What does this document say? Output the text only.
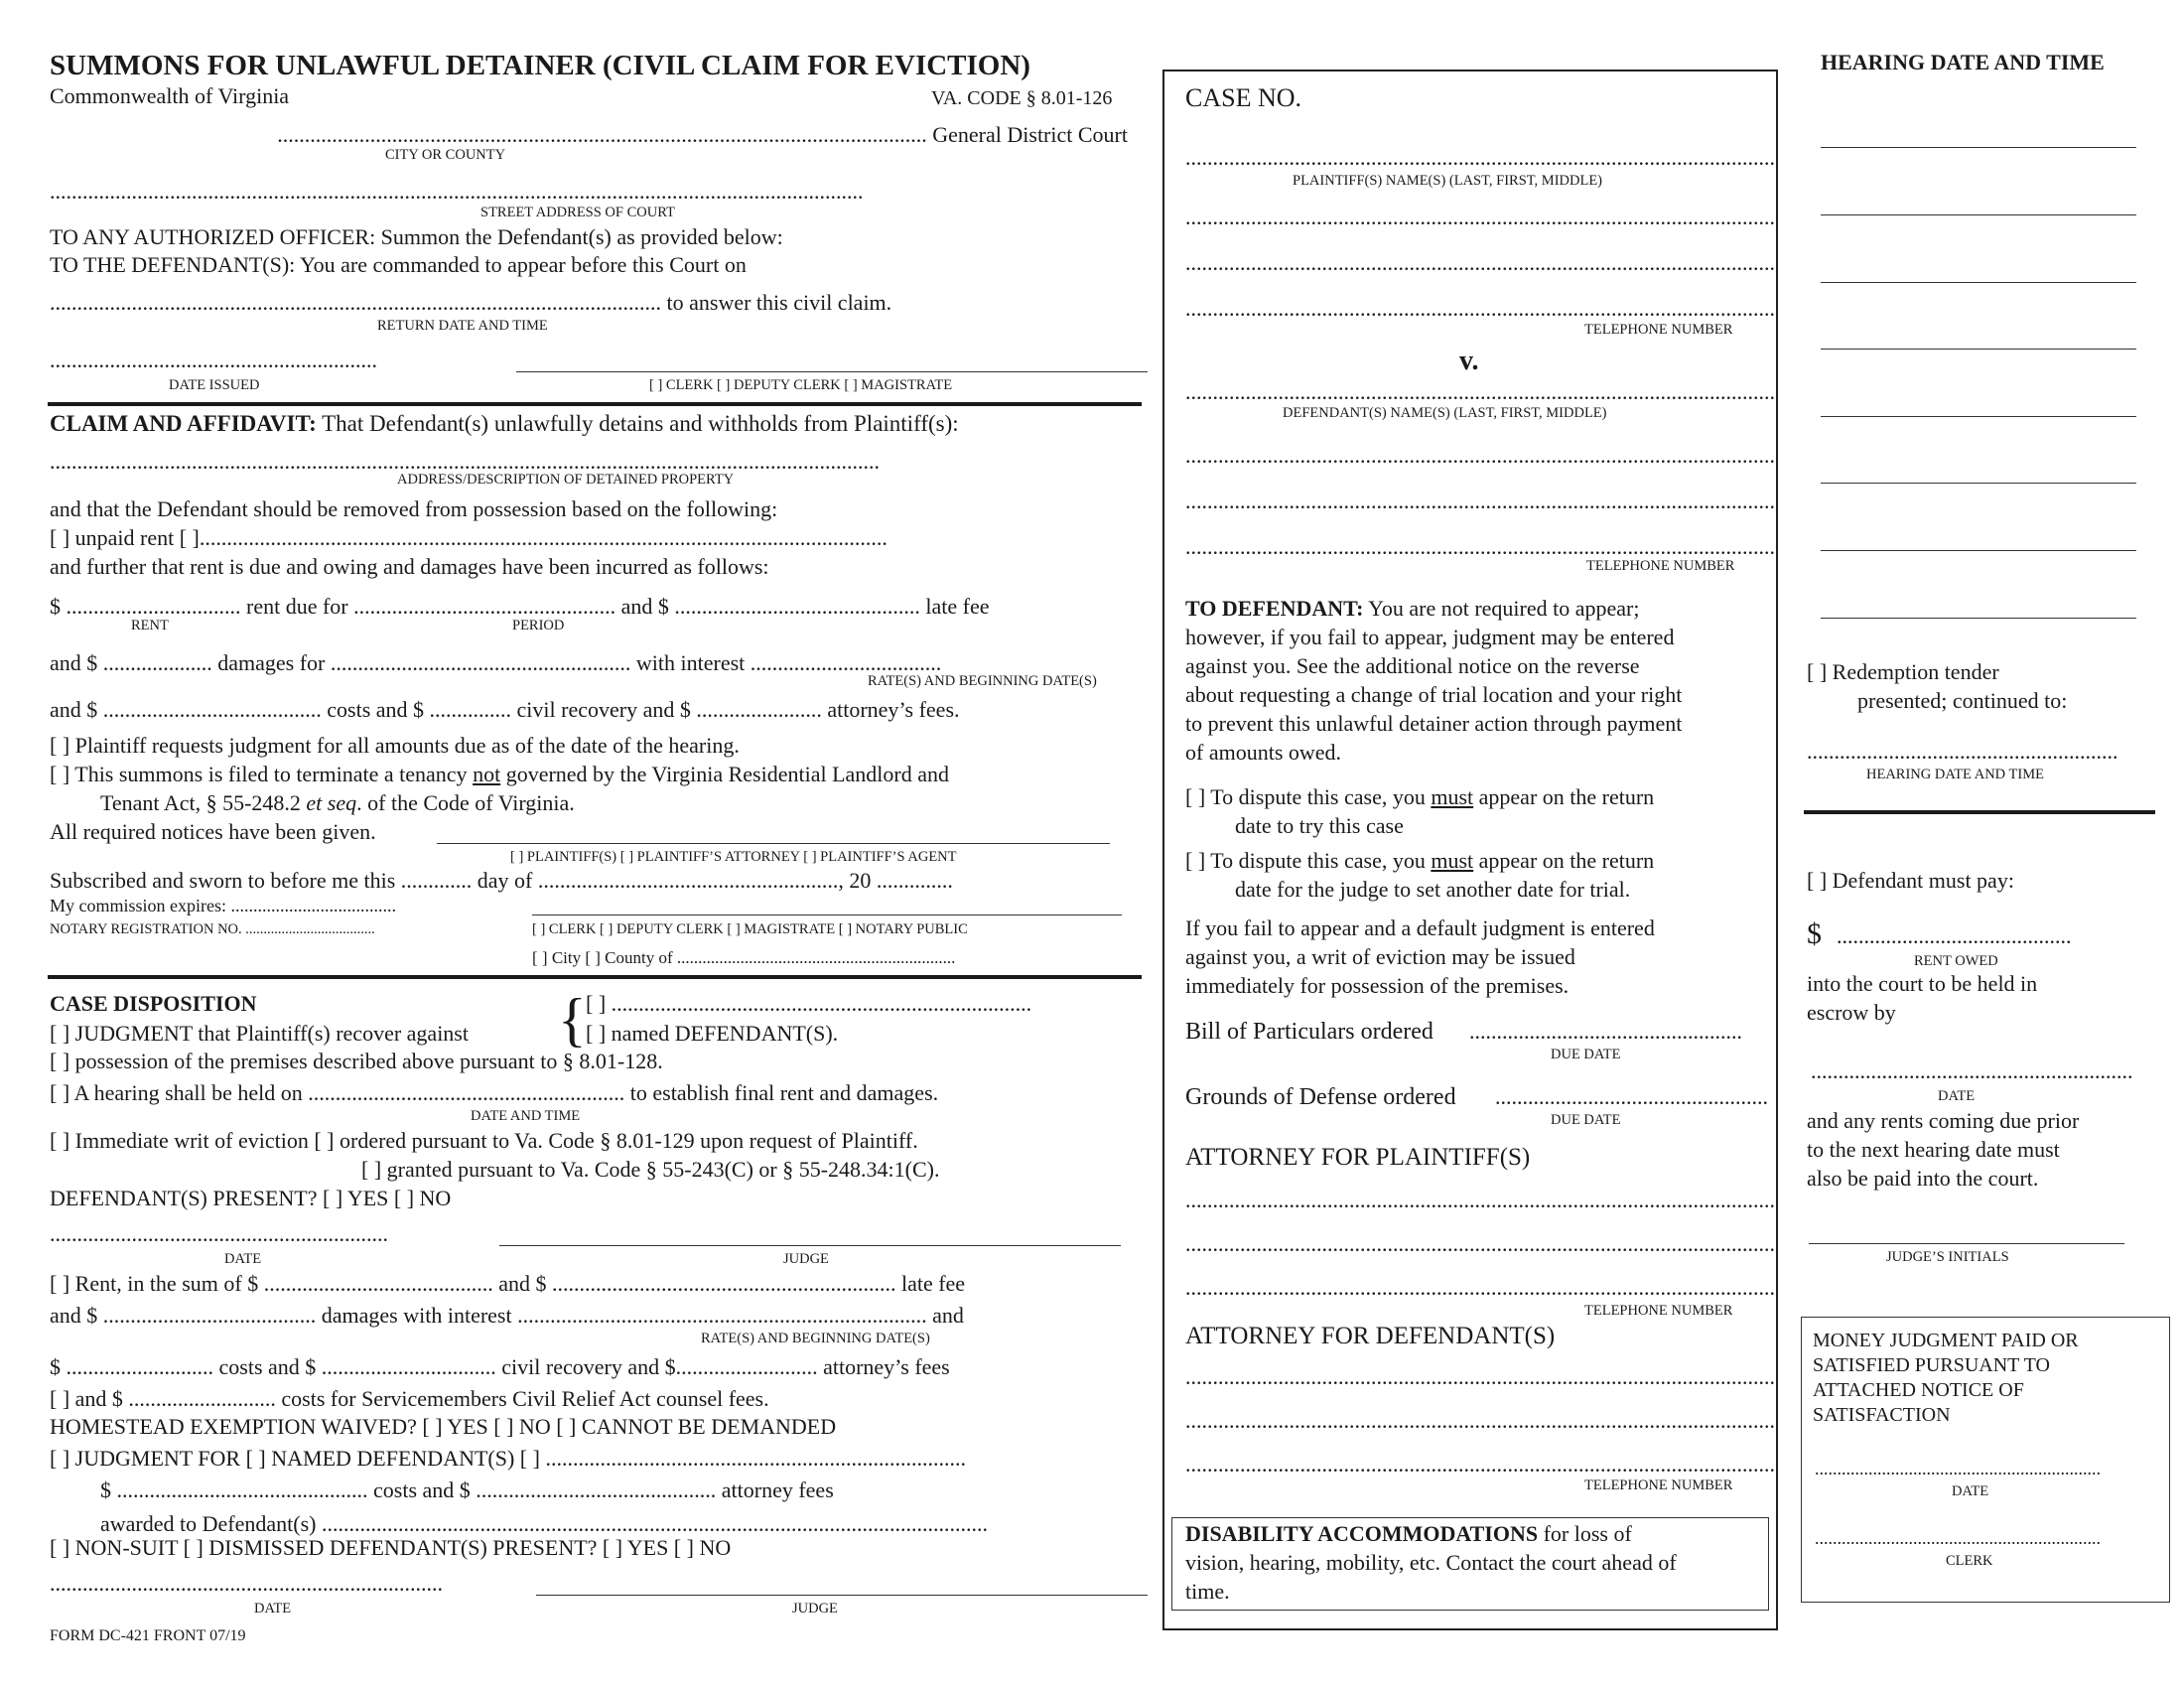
SUMMONS FOR UNLAWFUL DETAINER (CIVIL CLAIM FOR EVICTION)
Commonwealth of Virginia	VA. CODE § 8.01-126
....................................................................................................................... General District Court
CITY OR COUNTY
.....................................................................................................................................................
STREET ADDRESS OF COURT
TO ANY AUTHORIZED OFFICER: Summon the Defendant(s) as provided below:
TO THE DEFENDANT(S): You are commanded to appear before this Court on
................................................................................................................ to answer this civil claim.
RETURN DATE AND TIME
............................................................
DATE ISSUED	[ ] CLERK [ ] DEPUTY CLERK [ ] MAGISTRATE
CLAIM AND AFFIDAVIT: That Defendant(s) unlawfully detains and withholds from Plaintiff(s):
........................................................................................................................................................
ADDRESS/DESCRIPTION OF DETAINED PROPERTY
and that the Defendant should be removed from possession based on the following:
[ ] unpaid rent [ ]..............................................................................................................................
and further that rent is due and owing and damages have been incurred as follows:
$ ................................ rent due for ................................................ and $ ............................................. late fee
RENT	PERIOD
and $ .................... damages for ....................................................... with interest ...................................
RATE(S) AND BEGINNING DATE(S)
and $ ........................................ costs and $ ............... civil recovery and $ ....................... attorney’s fees.
[ ] Plaintiff requests judgment for all amounts due as of the date of the hearing.
[ ] This summons is filed to terminate a tenancy not governed by the Virginia Residential Landlord and
Tenant Act, § 55-248.2 et seq. of the Code of Virginia.
All required notices have been given.
[ ] PLAINTIFF(S) [ ] PLAINTIFF’S ATTORNEY [ ] PLAINTIFF’S AGENT
Subscribed and sworn to before me this ............. day of ......................................................., 20 ..............
My commission expires: .....................................
NOTARY REGISTRATION NO. ....................................	[ ] CLERK [ ] DEPUTY CLERK [ ] MAGISTRATE [ ] NOTARY PUBLIC
[ ] City [ ] County of ..................................................................
CASE DISPOSITION
[ ] JUDGMENT that Plaintiff(s) recover against { [ ] .............................................................................
[ ] named DEFENDANT(S).
[ ] possession of the premises described above pursuant to § 8.01-128.
[ ] A hearing shall be held on .......................................................... to establish final rent and damages.
DATE AND TIME
[ ] Immediate writ of eviction [ ] ordered pursuant to Va. Code § 8.01-129 upon request of Plaintiff.
[ ] granted pursuant to Va. Code § 55-243(C) or § 55-248.34:1(C).
DEFENDANT(S) PRESENT? [ ] YES [ ] NO
..............................................................
DATE	JUDGE
[ ] Rent, in the sum of $ .......................................... and $ ............................................................... late fee
and $ ....................................... damages with interest ........................................................................... and
RATE(S) AND BEGINNING DATE(S)
$ ........................... costs and $ ................................ civil recovery and $.......................... attorney’s fees
[ ] and $ ........................... costs for Servicemembers Civil Relief Act counsel fees.
HOMESTEAD EXEMPTION WAIVED? [ ] YES [ ] NO [ ] CANNOT BE DEMANDED
[ ] JUDGMENT FOR [ ] NAMED DEFENDANT(S) [ ] .............................................................................
$ .............................................. costs and $ ............................................ attorney fees
awarded to Defendant(s) ..........................................................................................................................
[ ] NON-SUIT [ ] DISMISSED DEFENDANT(S) PRESENT? [ ] YES [ ] NO
........................................................................
DATE	JUDGE
FORM DC-421 FRONT 07/19
CASE NO.
............................................................................................................
PLAINTIFF(S) NAME(S) (LAST, FIRST, MIDDLE)
............................................................................................................
............................................................................................................
............................................................................................................
TELEPHONE NUMBER
v.
............................................................................................................
DEFENDANT(S) NAME(S) (LAST, FIRST, MIDDLE)
............................................................................................................
............................................................................................................
............................................................................................................
TELEPHONE NUMBER
TO DEFENDANT: You are not required to appear;
however, if you fail to appear, judgment may be entered
against you. See the additional notice on the reverse
about requesting a change of trial location and your right
to prevent this unlawful detainer action through payment
of amounts owed.
[ ] To dispute this case, you must appear on the return
date to try this case
[ ] To dispute this case, you must appear on the return
date for the judge to set another date for trial.
If you fail to appear and a default judgment is entered
against you, a writ of eviction may be issued
immediately for possession of the premises.
Bill of Particulars ordered ..................................................
DUE DATE
Grounds of Defense ordered ..................................................
DUE DATE
ATTORNEY FOR PLAINTIFF(S)
............................................................................................................
............................................................................................................
............................................................................................................
TELEPHONE NUMBER
ATTORNEY FOR DEFENDANT(S)
............................................................................................................
............................................................................................................
............................................................................................................
TELEPHONE NUMBER
DISABILITY ACCOMMODATIONS for loss of
vision, hearing, mobility, etc. Contact the court ahead of
time.
HEARING DATE AND TIME
[ ] Redemption tender
presented; continued to:
.........................................................
HEARING DATE AND TIME
[ ] Defendant must pay:
$ ...........................................
RENT OWED
into the court to be held in
escrow by
...........................................................
DATE
and any rents coming due prior
to the next hearing date must
also be paid into the court.
JUDGE’S INITIALS
MONEY JUDGMENT PAID OR
SATISFIED PURSUANT TO
ATTACHED NOTICE OF
SATISFACTION
................................................................
DATE
................................................................
CLERK
